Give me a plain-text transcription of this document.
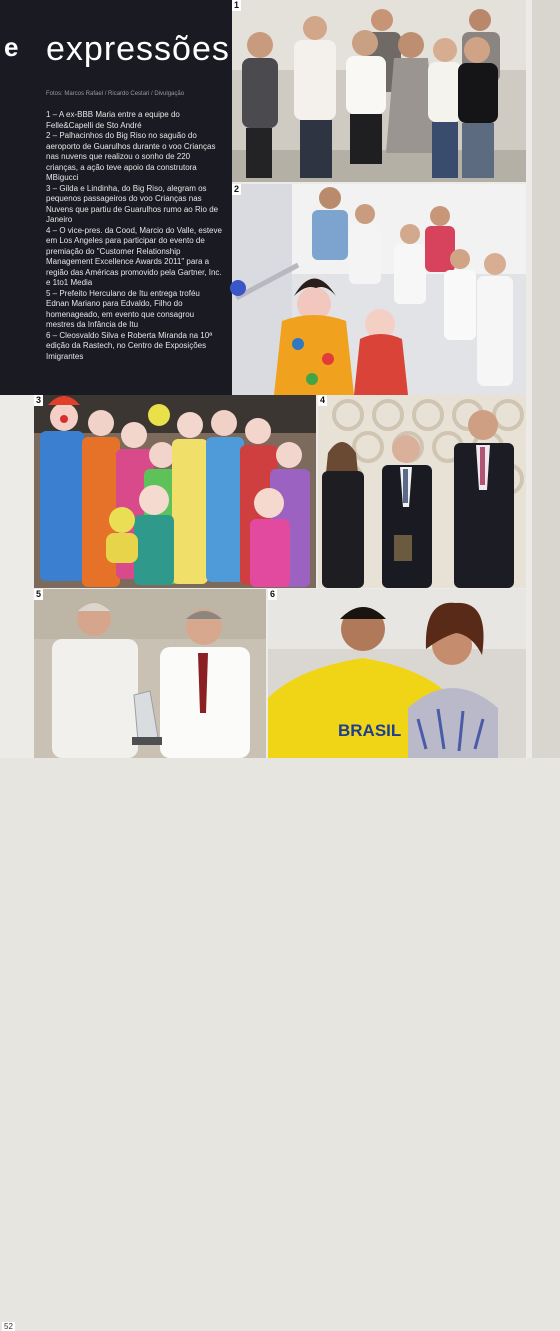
e expressões
Fotos: Marcos Rafael / Ricardo Cestari / Divulgação

1 – A ex-BBB Maria entre a equipe do Felle&Capelli de Sto André

2 – Palhacinhos do Big Riso no saguão do aeroporto de Guarulhos durante o voo Crianças nas nuvens que realizou o sonho de 220 crianças, a ação teve apoio da construtora MBigucci

3 – Gilda e Lindinha, do Big Riso, alegram os pequenos passageiros do voo Crianças nas Nuvens que partiu de Guarulhos rumo ao Rio de Janeiro

4 – O vice-pres. da Cood, Marcio do Valle, esteve em Los Angeles para participar do evento de premiação do "Customer Relationship Management Excellence Awards 2011" para a região das Américas promovido pela Gartner, Inc. e 1to1 Media

5 – Prefeito Herculano de Itu entrega troféu Ednan Mariano para Edvaldo, Filho do homenageado, em evento que consagrou mestres da Infância de Itu

6 – Cleosvaldo Silva e Roberta Miranda na 10ª edição da Rastech, no Centro de Exposições Imigrantes

1
2
3	4
5
52
BRASIL
6
